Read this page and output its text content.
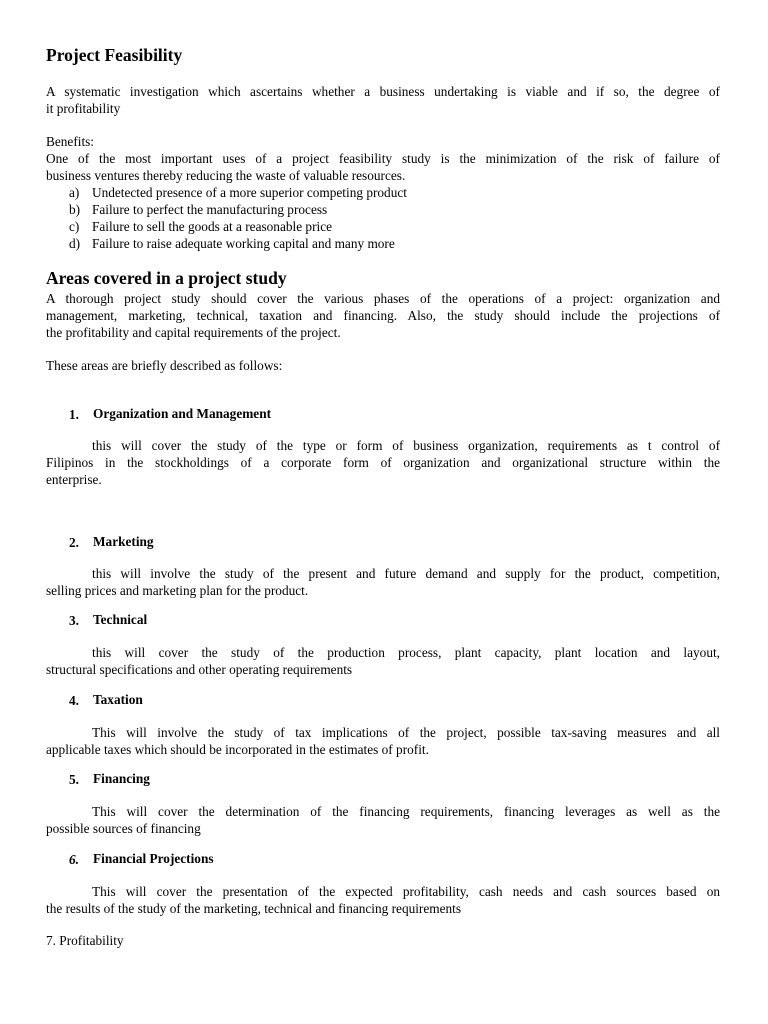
Project Feasibility
A systematic investigation which ascertains whether a business undertaking is viable and if so, the degree of
it profitability
Benefits:
One of the most important uses of a project feasibility study is the minimization of the risk of failure of
business ventures thereby reducing the waste of valuable resources.
a) Undetected presence of a more superior competing product
b) Failure to perfect the manufacturing process
c) Failure to sell the goods at a reasonable price
d) Failure to raise adequate working capital and many more
Areas covered in a project study
A thorough project study should cover the various phases of the operations of a project: organization and
management, marketing, technical, taxation and financing. Also, the study should include the projections of
the profitability and capital requirements of the project.
These areas are briefly described as follows:
1. Organization and Management
this will cover the study of the type or form of business organization, requirements as t control of
Filipinos in the stockholdings of a corporate form of organization and organizational structure within the
enterprise.
2. Marketing
this will involve the study of the present and future demand and supply for the product, competition,
selling prices and marketing plan for the product.
3. Technical
this will cover the study of the production process, plant capacity, plant location and layout,
structural specifications and other operating requirements
4. Taxation
This will involve the study of tax implications of the project, possible tax-saving measures and all
applicable taxes which should be incorporated in the estimates of profit.
5. Financing
This will cover the determination of the financing requirements, financing leverages as well as the
possible sources of financing
6. Financial Projections
This will cover the presentation of the expected profitability, cash needs and cash sources based on
the results of the study of the marketing, technical and financing requirements
7. Profitability
